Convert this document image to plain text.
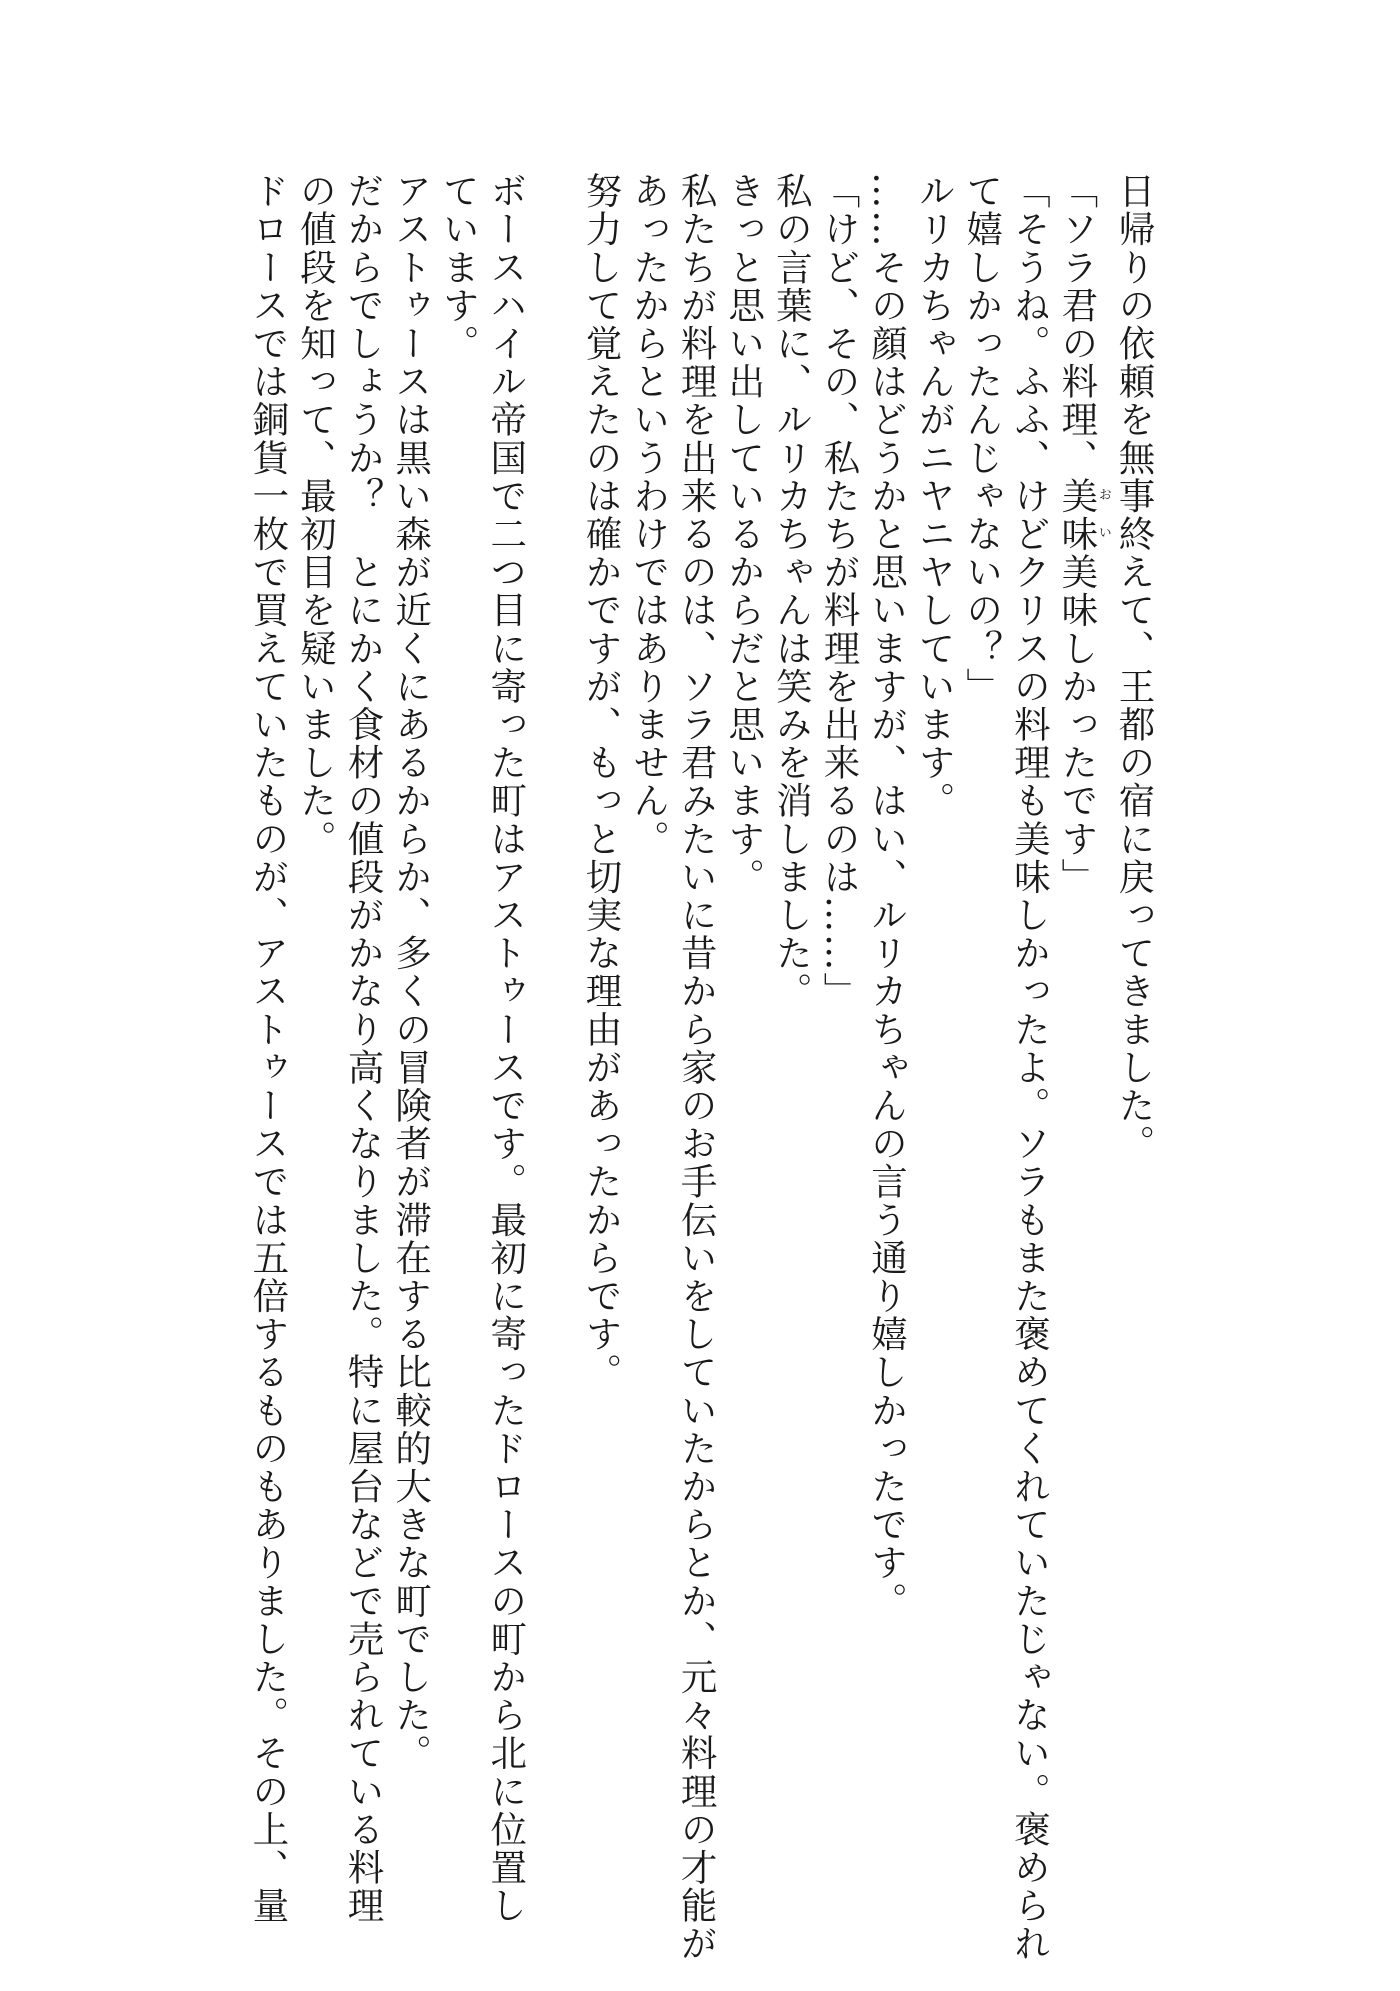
日帰りの依頼を無事終えて、王都の宿に戻ってきました。
「ソラ君の料理、美味おい美味しかったです」
「そうね。ふふ、けどクリスの料理も美味しかったよ。ソラもまた褒めてくれていたじゃない。褒められ
て嬉しかったんじゃないの？」
ルリカちゃんがニヤニヤしています。
……その顔はどうかと思いますが、はい、ルリカちゃんの言う通り嬉しかったです。
「けど、その、私たちが料理を出来るのは……」
私の言葉に、ルリカちゃんは笑みを消しました。
きっと思い出しているからだと思います。
私たちが料理を出来るのは、ソラ君みたいに昔から家のお手伝いをしていたからとか、元々料理の才能が
あったからというわけではありません。
努力して覚えたのは確かですが、もっと切実な理由があったからです。

ボースハイル帝国で二つ目に寄った町はアストゥースです。最初に寄ったドロースの町から北に位置し
ています。
アストゥースは黒い森が近くにあるからか、多くの冒険者が滞在する比較的大きな町でした。
だからでしょうか？　とにかく食材の値段がかなり高くなりました。特に屋台などで売られている料理
の値段を知って、最初目を疑いました。
ドロースでは銅貨一枚で買えていたものが、アストゥースでは五倍するものもありました。その上、量
